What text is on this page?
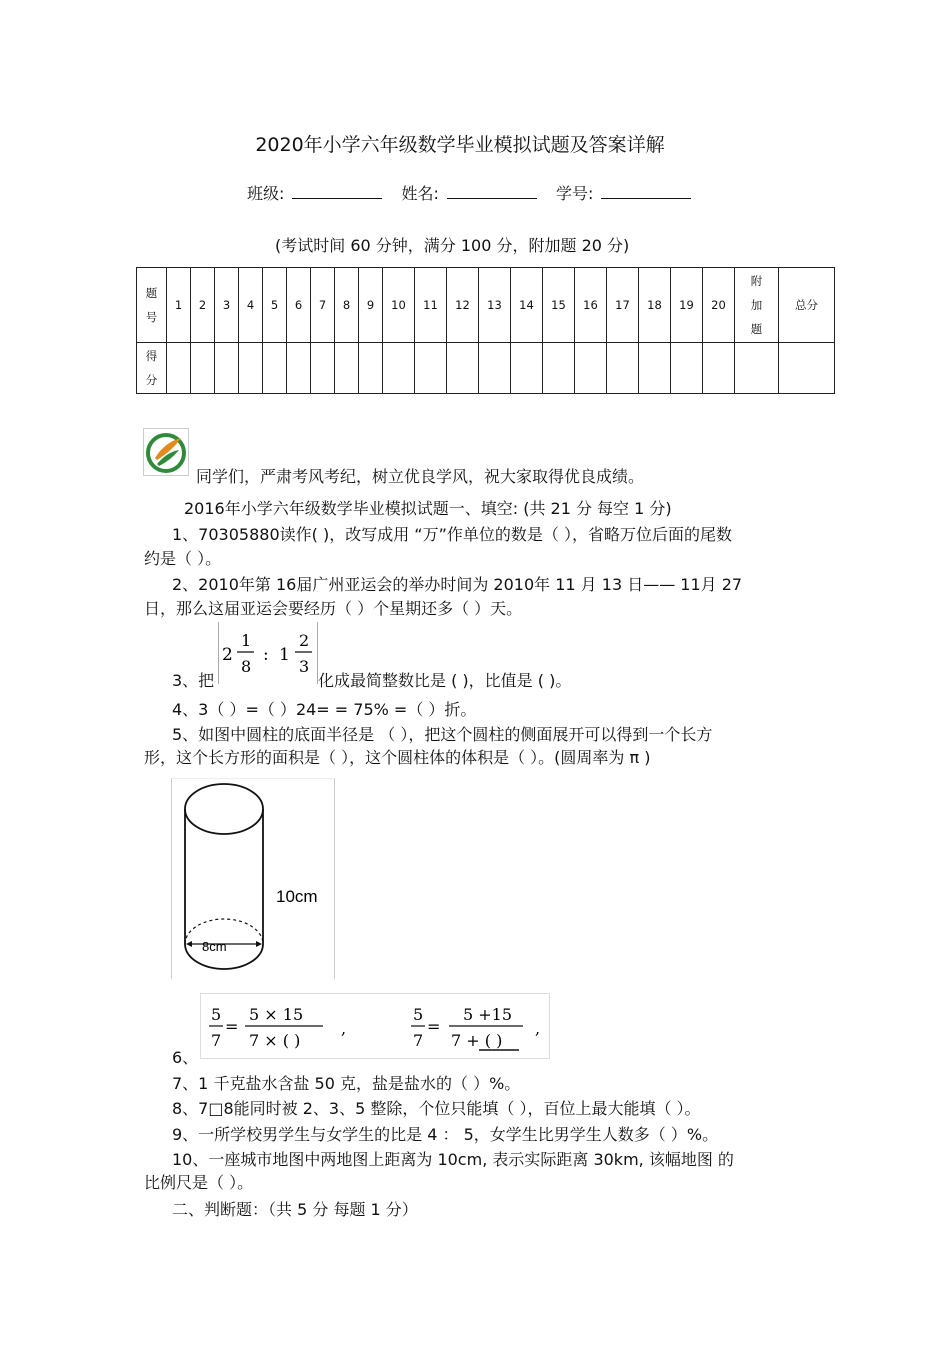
2020年小学六年级数学毕业模拟试题及答案详解
班级:	姓名:	学号:
(考试时间 60 分钟，满分 100 分，附加题 20 分)
题号	1	2	3	4	5	6	7	8	9	10	11	12	13	14	15	16	17	18	19	20	附加题	总分
得分																						
同学们，严肃考风考纪，树立优良学风，祝大家取得优良成绩。
2016年小学六年级数学毕业模拟试题一、填空: (共 21 分 每空 1 分)
1、70305880读作( )，改写成用 “万”作单位的数是（ ），省略万位后面的尾数
约是（ ）。
2、2010年第 16届广州亚运会的举办时间为 2010年 11 月 13 日—— 11月 27
日，那么这届亚运会要经历（ ）个星期还多（ ）天。
2
1
8
: 1
2
3
3、把	化成最简整数比是 ( )，比值是 ( )。
4、3（ ）=（ ）24= = 75% =（ ）折。
5、如图中圆柱的底面半径是 （ ），把这个圆柱的侧面展开可以得到一个长方
形，这个长方形的面积是（ ），这个圆柱体的体积是（ ）。(圆周率为 π )
8cm
10cm
6、
5
7
=
5 × 15
7 × ( )
,
5
7
=
5 +15
7 + ( )
,
7、1 千克盐水含盐 50 克，盐是盐水的（ ）%。
8、7□8能同时被 2、3、5 整除，个位只能填（ ），百位上最大能填（ ）。
9、一所学校男学生与女学生的比是 4 ： 5，女学生比男学生人数多（ ）%。
10、一座城市地图中两地图上距离为 10cm, 表示实际距离 30km, 该幅地图 的
比例尺是（ ）。
二、判断题：（共 5 分 每题 1 分）
